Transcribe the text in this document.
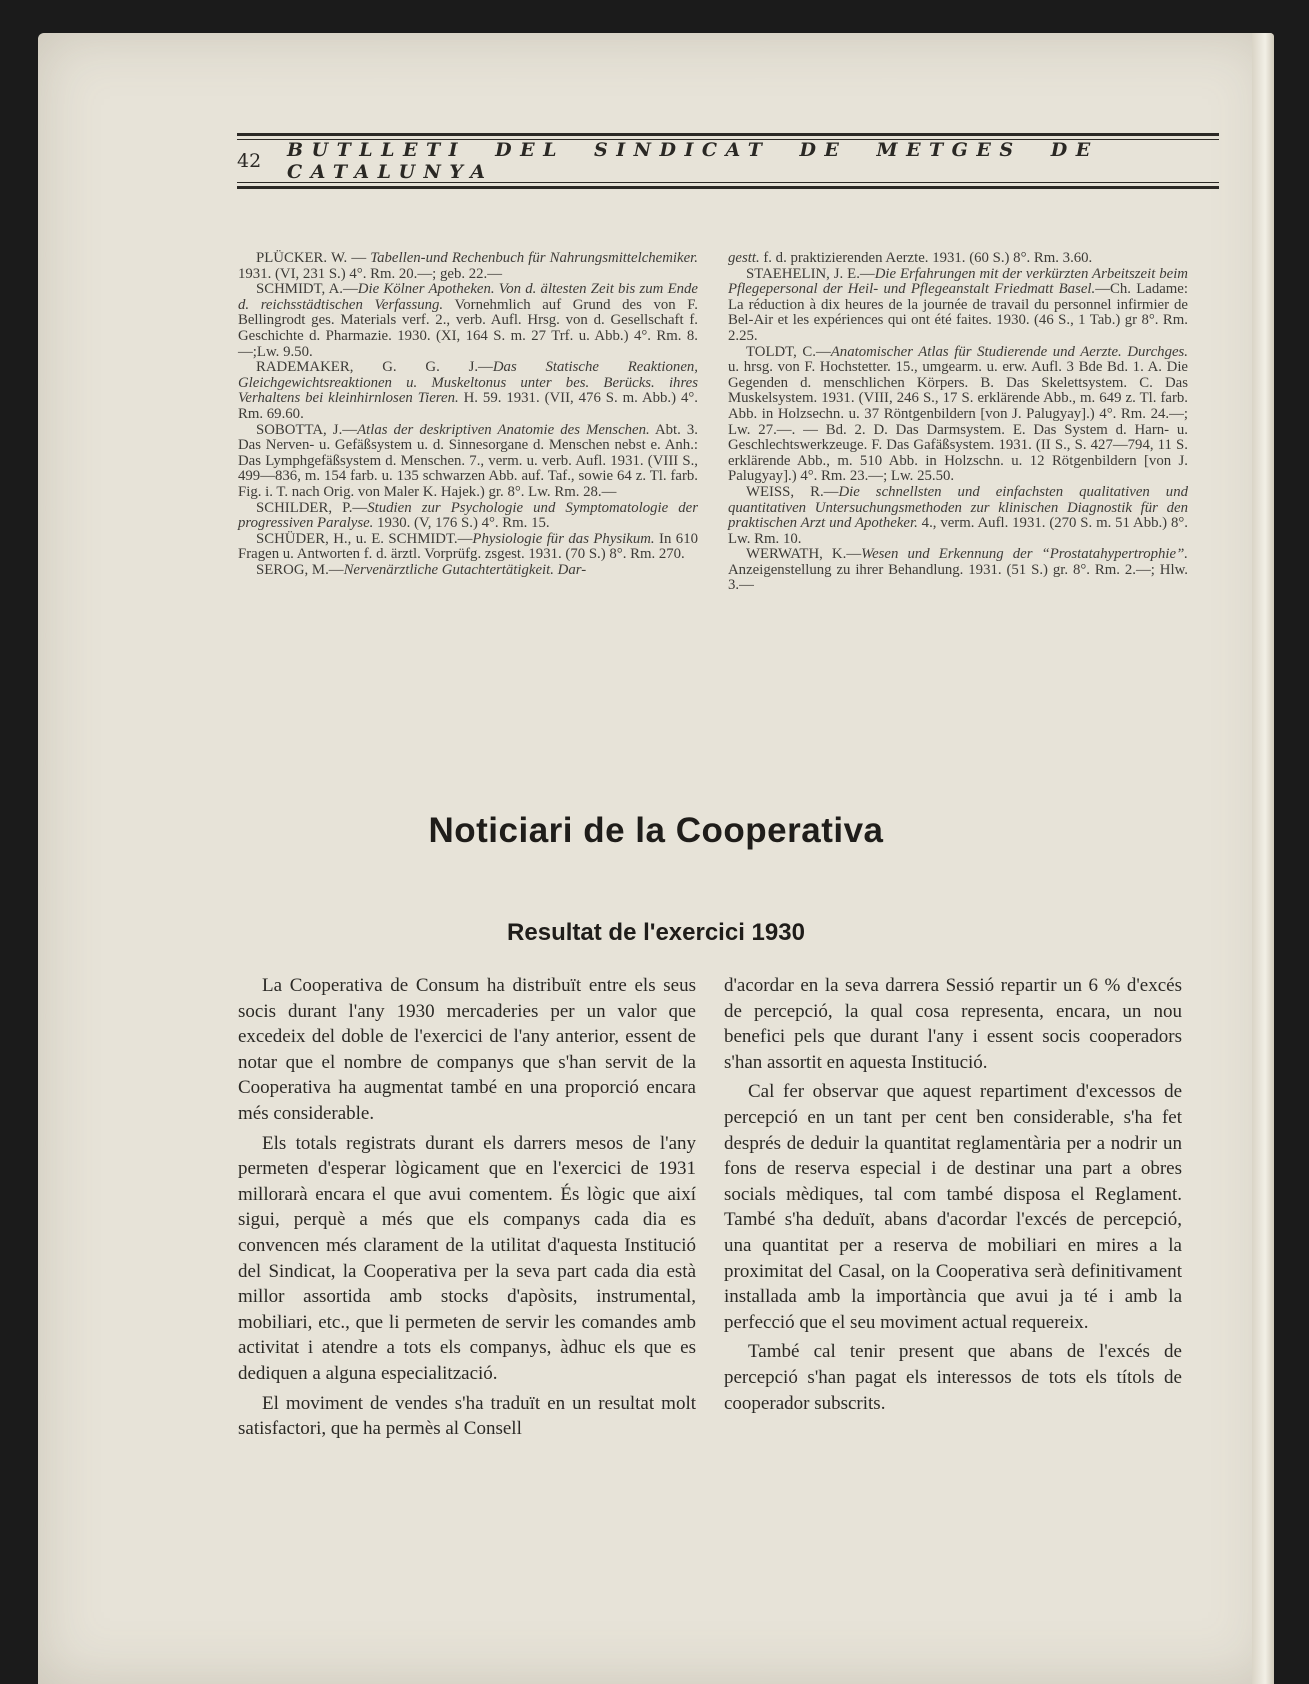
42	BUTLLETI DEL SINDICAT DE METGES DE CATALUNYA

PLÜCKER. W. — Tabellen-und Rechenbuch für Nahrungsmittelchemiker. 1931. (VI, 231 S.) 4°. Rm. 20.—; geb. 22.—

SCHMIDT, A.—Die Kölner Apotheken. Von d. ältesten Zeit bis zum Ende d. reichsstädtischen Verfassung. Vornehmlich auf Grund des von F. Bellingrodt ges. Materials verf. 2., verb. Aufl. Hrsg. von d. Gesellschaft f. Geschichte d. Pharmazie. 1930. (XI, 164 S. m. 27 Trf. u. Abb.) 4°. Rm. 8.—;Lw. 9.50.

RADEMAKER, G. G. J.—Das Statische Reaktionen, Gleichgewichtsreaktionen u. Muskeltonus unter bes. Berücks. ihres Verhaltens bei kleinhirnlosen Tieren. H. 59. 1931. (VII, 476 S. m. Abb.) 4°. Rm. 69.60.

SOBOTTA, J.—Atlas der deskriptiven Anatomie des Menschen. Abt. 3. Das Nerven- u. Gefäßsystem u. d. Sinnesorgane d. Menschen nebst e. Anh.: Das Lymphgefäßsystem d. Menschen. 7., verm. u. verb. Aufl. 1931. (VIII S., 499—836, m. 154 farb. u. 135 schwarzen Abb. auf. Taf., sowie 64 z. Tl. farb. Fig. i. T. nach Orig. von Maler K. Hajek.) gr. 8°. Lw. Rm. 28.—

SCHILDER, P.—Studien zur Psychologie und Symptomatologie der progressiven Paralyse. 1930. (V, 176 S.) 4°. Rm. 15.

SCHÜDER, H., u. E. SCHMIDT.—Physiologie für das Physikum. In 610 Fragen u. Antworten f. d. ärztl. Vorprüfg. zsgest. 1931. (70 S.) 8°. Rm. 270.

SEROG, M.—Nervenärztliche Gutachtertätigkeit. Dar-

gestt. f. d. praktizierenden Aerzte. 1931. (60 S.) 8°. Rm. 3.60.

STAEHELIN, J. E.—Die Erfahrungen mit der verkürzten Arbeitszeit beim Pflegepersonal der Heil- und Pflegeanstalt Friedmatt Basel.—Ch. Ladame: La réduction à dix heures de la journée de travail du personnel infirmier de Bel-Air et les expériences qui ont été faites. 1930. (46 S., 1 Tab.) gr 8°. Rm. 2.25.

TOLDT, C.—Anatomischer Atlas für Studierende und Aerzte. Durchges. u. hrsg. von F. Hochstetter. 15., umgearm. u. erw. Aufl. 3 Bde Bd. 1. A. Die Gegenden d. menschlichen Körpers. B. Das Skelettsystem. C. Das Muskelsystem. 1931. (VIII, 246 S., 17 S. erklärende Abb., m. 649 z. Tl. farb. Abb. in Holzsechn. u. 37 Röntgenbildern [von J. Palugyay].) 4°. Rm. 24.—; Lw. 27.—. — Bd. 2. D. Das Darmsystem. E. Das System d. Harn- u. Geschlechtswerkzeuge. F. Das Gafäßsystem. 1931. (II S., S. 427—794, 11 S. erklärende Abb., m. 510 Abb. in Holzschn. u. 12 Rötgenbildern [von J. Palugyay].) 4°. Rm. 23.—; Lw. 25.50.

WEISS, R.—Die schnellsten und einfachsten qualitativen und quantitativen Untersuchungsmethoden zur klinischen Diagnostik für den praktischen Arzt und Apotheker. 4., verm. Aufl. 1931. (270 S. m. 51 Abb.) 8°. Lw. Rm. 10.

WERWATH, K.—Wesen und Erkennung der “Prostatahypertrophie”. Anzeigenstellung zu ihrer Behandlung. 1931. (51 S.) gr. 8°. Rm. 2.—; Hlw. 3.—

Noticiari de la Cooperativa
Resultat de l'exercici 1930

La Cooperativa de Consum ha distribuït entre els seus socis durant l'any 1930 mercaderies per un valor que excedeix del doble de l'exercici de l'any anterior, essent de notar que el nombre de companys que s'han servit de la Cooperativa ha augmentat també en una proporció encara més considerable.

Els totals registrats durant els darrers mesos de l'any permeten d'esperar lògicament que en l'exercici de 1931 millorarà encara el que avui comentem. És lògic que així sigui, perquè a més que els companys cada dia es convencen més clarament de la utilitat d'aquesta Institució del Sindicat, la Cooperativa per la seva part cada dia està millor assortida amb stocks d'apòsits, instrumental, mobiliari, etc., que li permeten de servir les comandes amb activitat i atendre a tots els companys, àdhuc els que es dediquen a alguna especialització.

El moviment de vendes s'ha traduït en un resultat molt satisfactori, que ha permès al Consell

d'acordar en la seva darrera Sessió repartir un 6 % d'excés de percepció, la qual cosa representa, encara, un nou benefici pels que durant l'any i essent socis cooperadors s'han assortit en aquesta Institució.

Cal fer observar que aquest repartiment d'excessos de percepció en un tant per cent ben considerable, s'ha fet després de deduir la quantitat reglamentària per a nodrir un fons de reserva especial i de destinar una part a obres socials mèdiques, tal com també disposa el Reglament. També s'ha deduït, abans d'acordar l'excés de percepció, una quantitat per a reserva de mobiliari en mires a la proximitat del Casal, on la Cooperativa serà definitivament installada amb la importància que avui ja té i amb la perfecció que el seu moviment actual requereix.

També cal tenir present que abans de l'excés de percepció s'han pagat els interessos de tots els títols de cooperador subscrits.
